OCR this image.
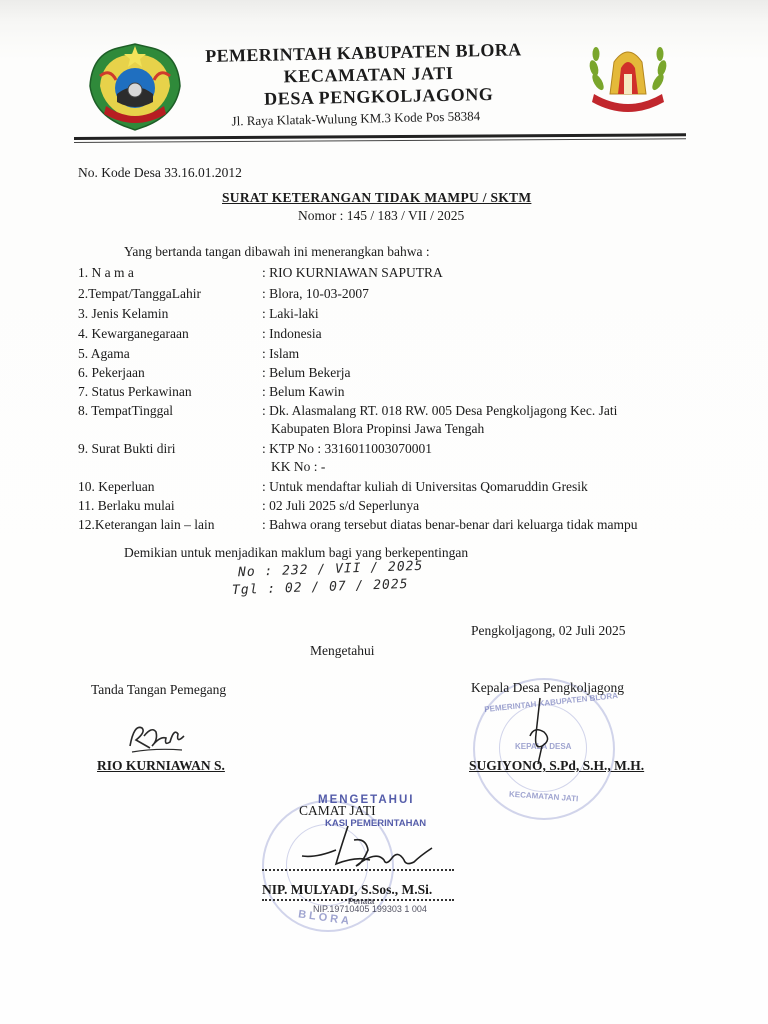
PEMERINTAH KABUPATEN BLORA
KECAMATAN JATI
DESA PENGKOLJAGONG
Jl. Raya Klatak-Wulung KM.3 Kode Pos 58384
No. Kode Desa 33.16.01.2012
SURAT KETERANGAN TIDAK MAMPU / SKTM
Nomor : 145 / 183 / VII / 2025
Yang bertanda tangan dibawah ini menerangkan bahwa :
1. N a m a	: RIO KURNIAWAN SAPUTRA
2.Tempat/TanggaLahir	: Blora, 10-03-2007
3. Jenis Kelamin	: Laki-laki
4. Kewarganegaraan	: Indonesia
5. Agama	: Islam
6. Pekerjaan	: Belum Bekerja
7. Status Perkawinan	: Belum Kawin
8. TempatTinggal	: Dk. Alasmalang RT. 018 RW. 005 Desa Pengkoljagong Kec. Jati
Kabupaten Blora Propinsi Jawa Tengah
9. Surat Bukti diri	: KTP No : 3316011003070001
KK No : -
10. Keperluan	: Untuk mendaftar kuliah di Universitas Qomaruddin Gresik
11. Berlaku mulai	: 02 Juli 2025 s/d Seperlunya
12.Keterangan lain – lain	: Bahwa orang tersebut diatas benar-benar dari keluarga tidak mampu
Demikian untuk menjadikan maklum bagi yang berkepentingan
No : 232 / VII / 2025
Tgl : 02 / 07 / 2025
Pengkoljagong, 02 Juli 2025
Mengetahui
Tanda Tangan Pemegang
RIO KURNIAWAN S.
PEMERINTAH KABUPATEN BLORA
KEPALA DESA
KECAMATAN JATI
Kepala Desa Pengkoljagong
SUGIYONO, S.Pd, S.H., M.H.
BLORA
MENGETAHUI
CAMAT JATI
KASI PEMERINTAHAN
NIP. MULYADI, S.Sos., M.Si.
Penata
NIP.19710405 199303 1 004
